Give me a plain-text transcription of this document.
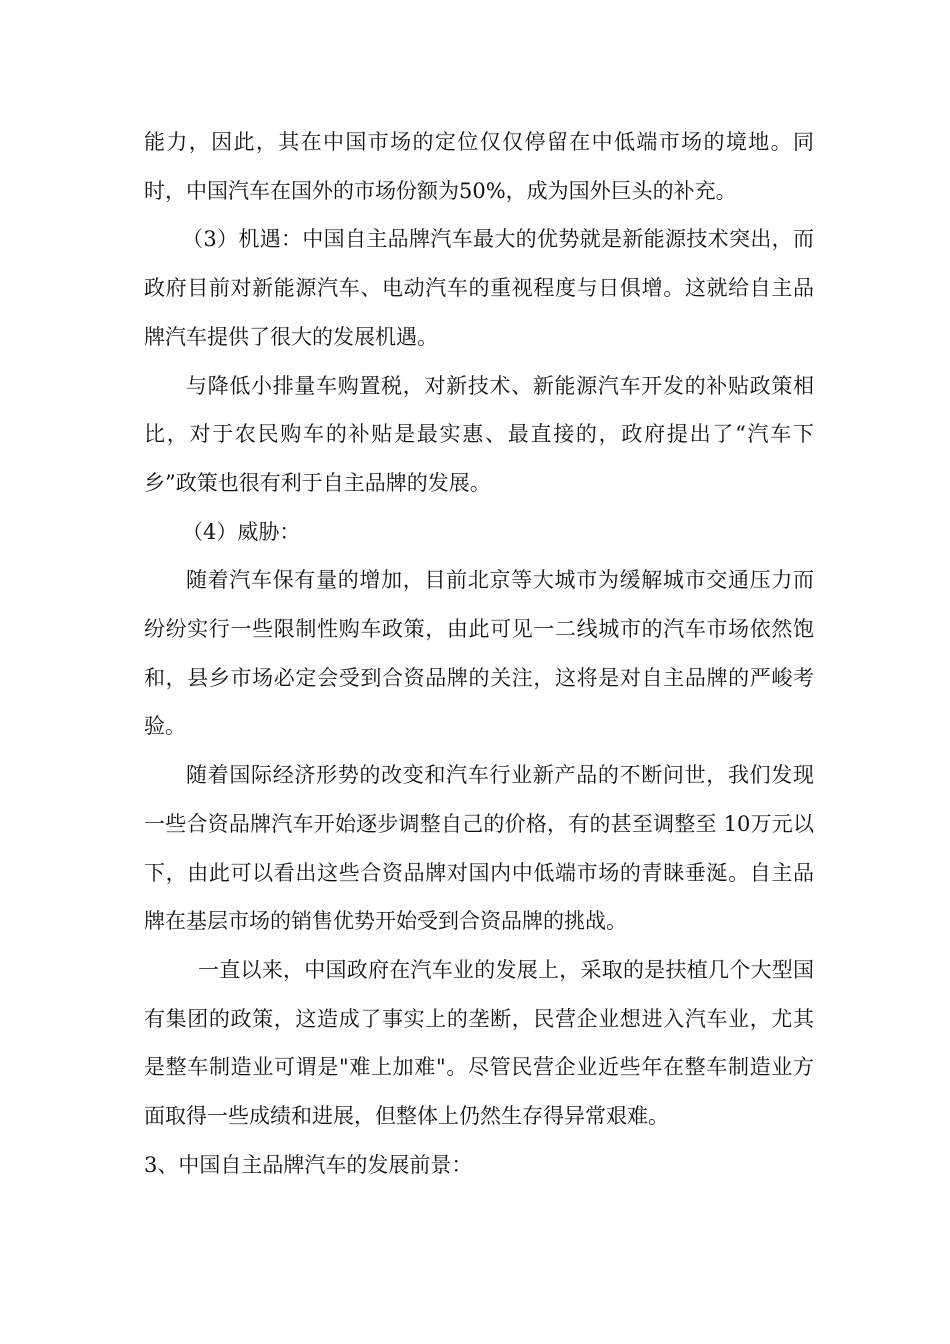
能力，因此，其在中国市场的定位仅仅停留在中低端市场的境地。同时，中国汽车在国外的市场份额为50%，成为国外巨头的补充。

（3）机遇：中国自主品牌汽车最大的优势就是新能源技术突出，而政府目前对新能源汽车、电动汽车的重视程度与日俱增。这就给自主品牌汽车提供了很大的发展机遇。

与降低小排量车购置税，对新技术、新能源汽车开发的补贴政策相比，对于农民购车的补贴是最实惠、最直接的，政府提出了“汽车下乡”政策也很有利于自主品牌的发展。

（4）威胁：

随着汽车保有量的增加，目前北京等大城市为缓解城市交通压力而纷纷实行一些限制性购车政策，由此可见一二线城市的汽车市场依然饱和，县乡市场必定会受到合资品牌的关注，这将是对自主品牌的严峻考验。

随着国际经济形势的改变和汽车行业新产品的不断问世，我们发现一些合资品牌汽车开始逐步调整自己的价格，有的甚至调整至 10万元以下，由此可以看出这些合资品牌对国内中低端市场的青睐垂涎。自主品牌在基层市场的销售优势开始受到合资品牌的挑战。

一直以来，中国政府在汽车业的发展上，采取的是扶植几个大型国有集团的政策，这造成了事实上的垄断，民营企业想进入汽车业，尤其是整车制造业可谓是"难上加难"。尽管民营企业近些年在整车制造业方面取得一些成绩和进展，但整体上仍然生存得异常艰难。

3、中国自主品牌汽车的发展前景：
